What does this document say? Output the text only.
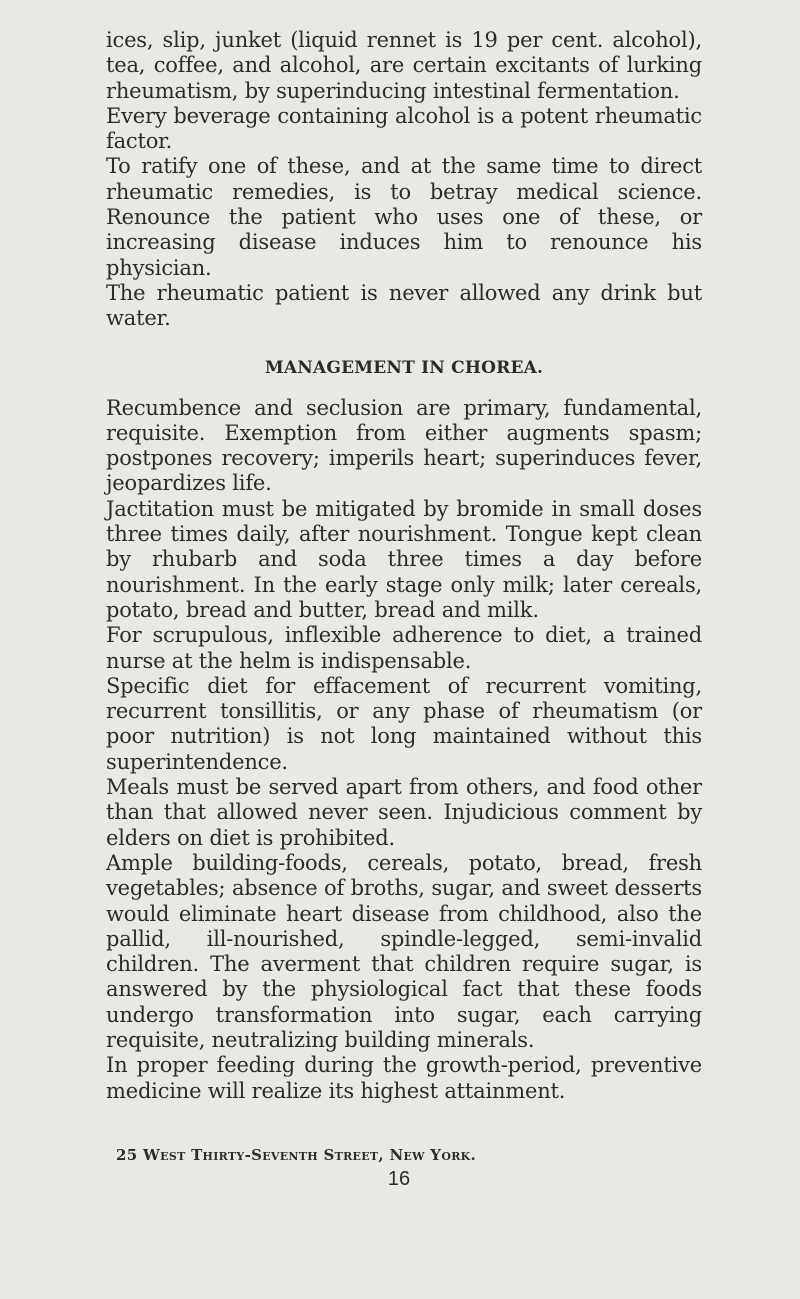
ices, slip, junket (liquid rennet is 19 per cent. alcohol), tea, coffee, and alcohol, are certain excitants of lurking rheumatism, by superinducing intestinal fermentation.

Every beverage containing alcohol is a potent rheumatic factor.

To ratify one of these, and at the same time to direct rheumatic remedies, is to betray medical science. Renounce the patient who uses one of these, or increasing disease induces him to renounce his physician.

The rheumatic patient is never allowed any drink but water.

MANAGEMENT IN CHOREA.

Recumbence and seclusion are primary, fundamental, requisite. Exemption from either augments spasm; postpones recovery; imperils heart; superinduces fever, jeopardizes life.

Jactitation must be mitigated by bromide in small doses three times daily, after nourishment. Tongue kept clean by rhubarb and soda three times a day before nourishment. In the early stage only milk; later cereals, potato, bread and butter, bread and milk.

For scrupulous, inflexible adherence to diet, a trained nurse at the helm is indispensable.

Specific diet for effacement of recurrent vomiting, recurrent tonsillitis, or any phase of rheumatism (or poor nutrition) is not long maintained without this superintendence.

Meals must be served apart from others, and food other than that allowed never seen. Injudicious comment by elders on diet is prohibited.

Ample building-foods, cereals, potato, bread, fresh vegetables; absence of broths, sugar, and sweet desserts would eliminate heart disease from childhood, also the pallid, ill-nourished, spindle-legged, semi-invalid children. The averment that children require sugar, is answered by the physiological fact that these foods undergo transformation into sugar, each carrying requisite, neutralizing building minerals.

In proper feeding during the growth-period, preventive medicine will realize its highest attainment.

25 West Thirty-Seventh Street, New York.
16
